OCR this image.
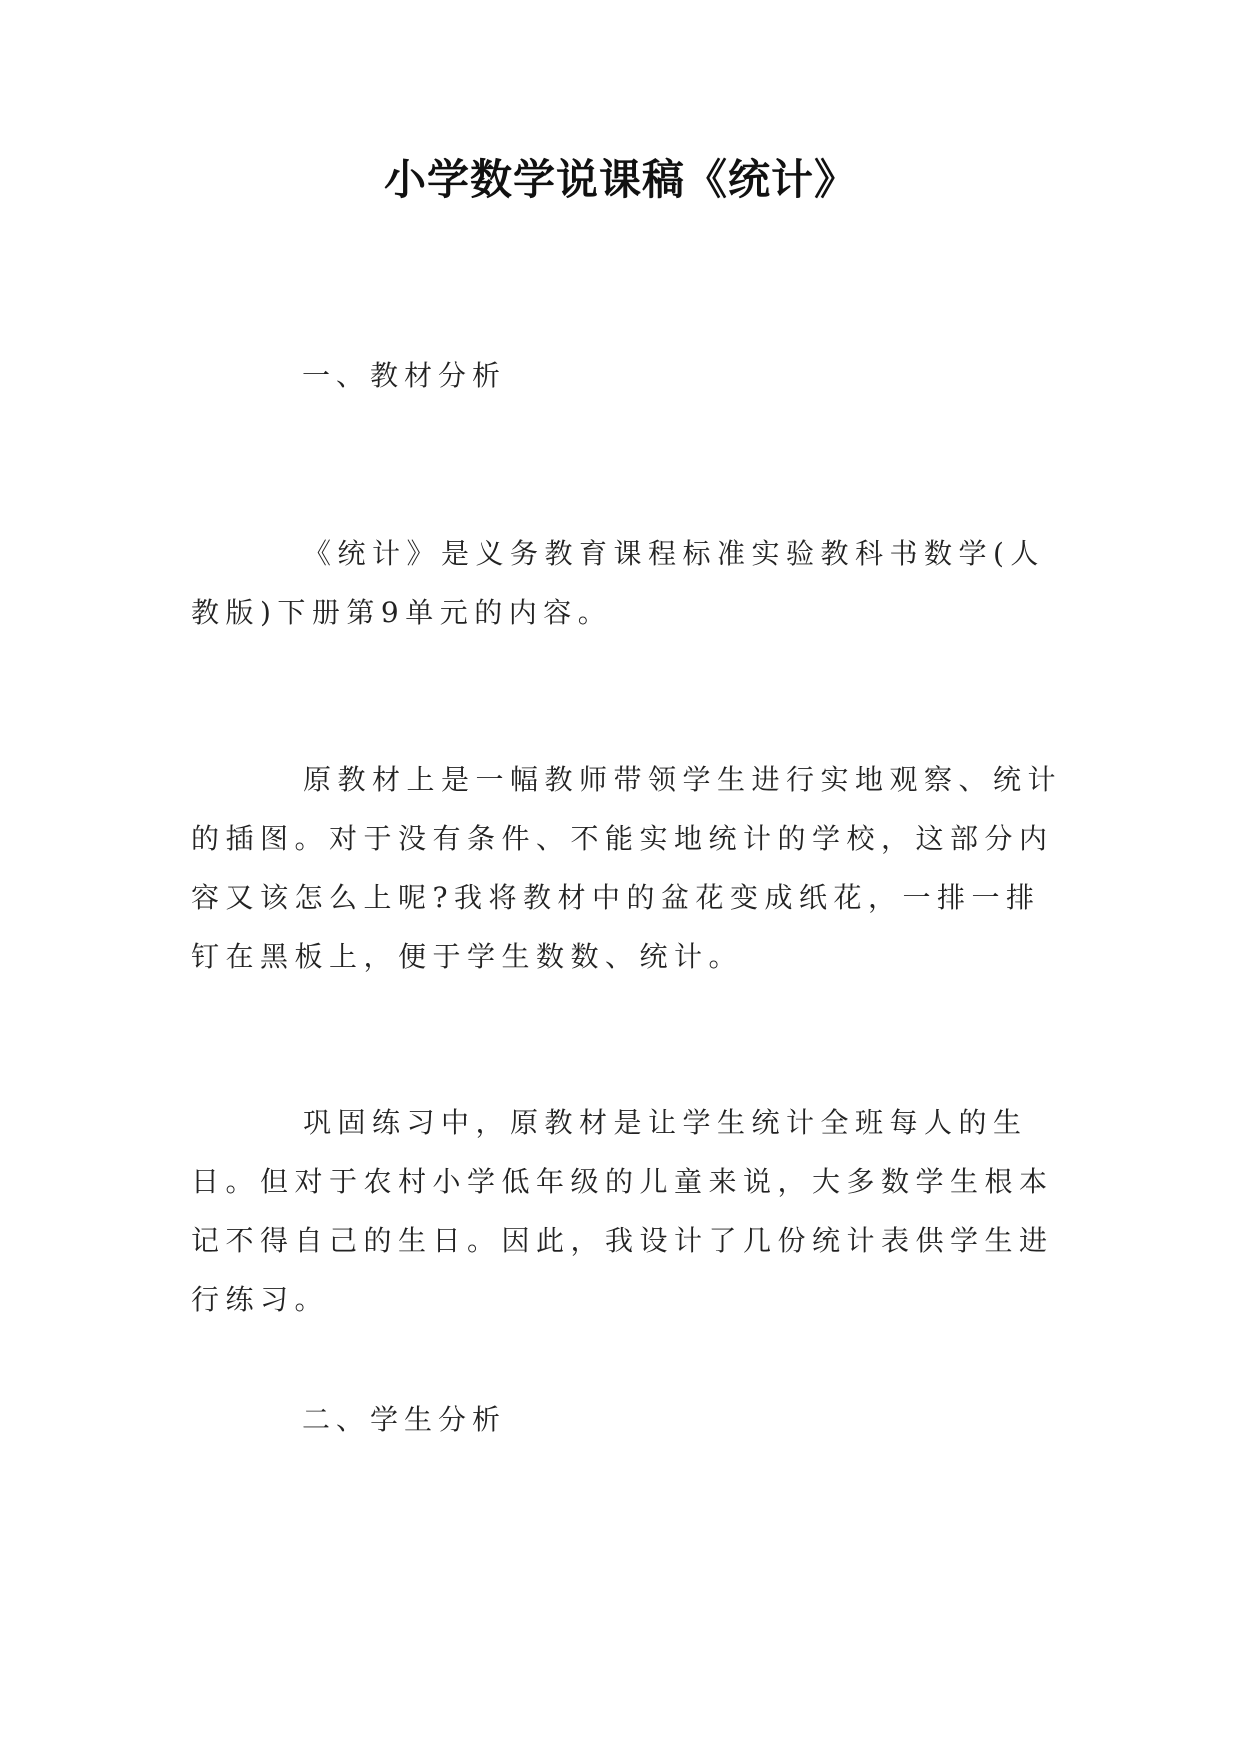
小学数学说课稿《统计》
一、教材分析
《统计》是义务教育课程标准实验教科书数学(人教版)下册第9单元的内容。
原教材上是一幅教师带领学生进行实地观察、统计的插图。对于没有条件、不能实地统计的学校，这部分内容又该怎么上呢?我将教材中的盆花变成纸花，一排一排钉在黑板上，便于学生数数、统计。
巩固练习中，原教材是让学生统计全班每人的生日。但对于农村小学低年级的儿童来说，大多数学生根本记不得自己的生日。因此，我设计了几份统计表供学生进行练习。
二、学生分析
